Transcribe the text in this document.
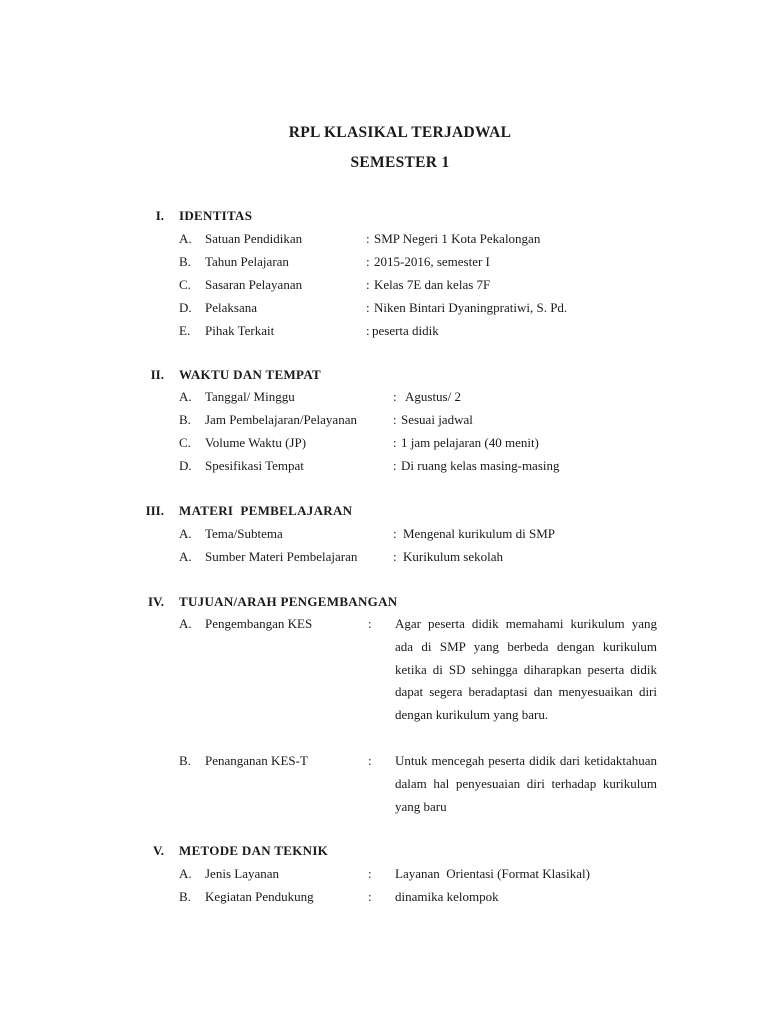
RPL KLASIKAL TERJADWAL
SEMESTER 1
I. IDENTITAS
A. Satuan Pendidikan	: SMP Negeri 1 Kota Pekalongan
B. Tahun Pelajaran	: 2015-2016, semester I
C. Sasaran Pelayanan	: Kelas 7E dan kelas 7F
D. Pelaksana	: Niken Bintari Dyaningpratiwi, S. Pd.
E. Pihak Terkait	: peserta didik
II. WAKTU DAN TEMPAT
A. Tanggal/ Minggu	: Agustus/ 2
B. Jam Pembelajaran/Pelayanan	: Sesuai jadwal
C. Volume Waktu (JP)	: 1 jam pelajaran (40 menit)
D. Spesifikasi Tempat	: Di ruang kelas masing-masing
III. MATERI  PEMBELAJARAN
A. Tema/Subtema	: Mengenal kurikulum di SMP
A. Sumber Materi Pembelajaran	: Kurikulum sekolah
IV. TUJUAN/ARAH PENGEMBANGAN
A. Pengembangan KES	: Agar peserta didik memahami kurikulum yang ada di SMP yang berbeda dengan kurikulum ketika di SD sehingga diharapkan peserta didik dapat segera beradaptasi dan menyesuaikan diri dengan kurikulum yang baru.
B. Penanganan KES-T	: Untuk mencegah peserta didik dari ketidaktahuan dalam hal penyesuaian diri terhadap kurikulum yang baru
V. METODE DAN TEKNIK
A. Jenis Layanan	: Layanan  Orientasi (Format Klasikal)
B. Kegiatan Pendukung	: dinamika kelompok
